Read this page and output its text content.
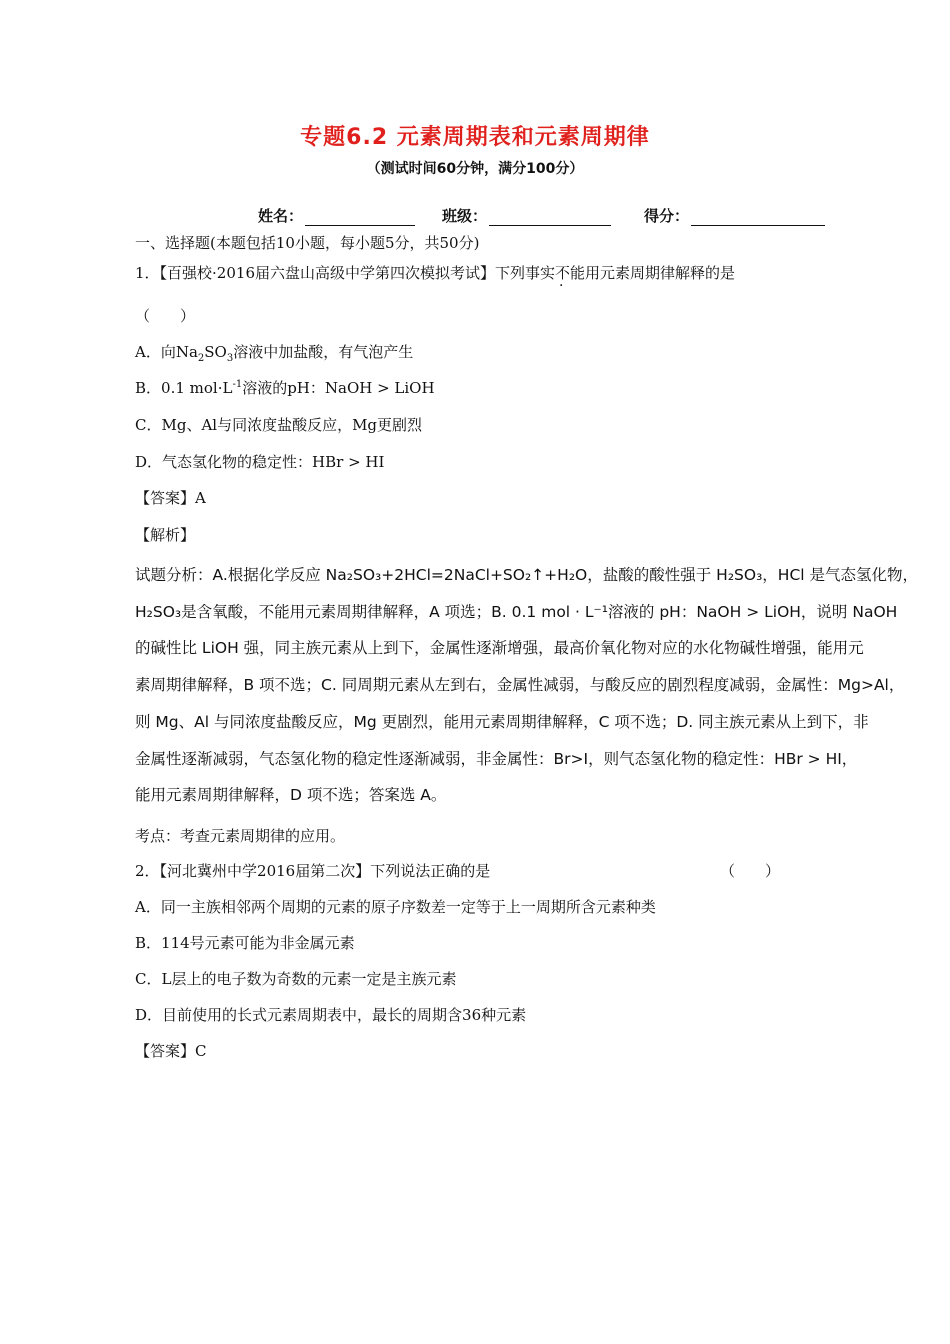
专题6.2 元素周期表和元素周期律
（测试时间60分钟，满分100分）
姓名：	班级：	得分：
一、选择题(本题包括10小题，每小题5分，共50分)
1．【百强校·2016届六盘山高级中学第四次模拟考试】下列事实不能用元素周期律解释的是
（　　）
A．向$Na_2SO_3$溶液中加盐酸，有气泡产生
B．0.1 $mol\cdot L^{-1}$溶液的pH：NaOH > LiOH
C．Mg、Al与同浓度盐酸反应，Mg更剧烈
D．气态氢化物的稳定性：HBr > HI
【答案】A
【解析】

试题分析：A.根据化学反应 Na₂SO₃+2HCl=2NaCl+SO₂↑+H₂O，盐酸的酸性强于 H₂SO₃，HCl 是气态氢化物，

H₂SO₃是含氧酸，不能用元素周期律解释，A 项选；B. 0.1 mol · L⁻¹溶液的 pH：NaOH > LiOH，说明 NaOH

的碱性比 LiOH 强，同主族元素从上到下，金属性逐渐增强，最高价氧化物对应的水化物碱性增强，能用元

素周期律解释，B 项不选；C. 同周期元素从左到右，金属性减弱，与酸反应的剧烈程度减弱，金属性：Mg>Al，

则 Mg、Al 与同浓度盐酸反应，Mg 更剧烈，能用元素周期律解释，C 项不选；D. 同主族元素从上到下，非

金属性逐渐减弱，气态氢化物的稳定性逐渐减弱，非金属性：Br>I，则气态氢化物的稳定性：HBr > HI，

能用元素周期律解释，D 项不选；答案选 A。

考点：考查元素周期律的应用。
2．【河北冀州中学2016届第二次】下列说法正确的是	（　　）
A．同一主族相邻两个周期的元素的原子序数差一定等于上一周期所含元素种类
B．114号元素可能为非金属元素
C．L层上的电子数为奇数的元素一定是主族元素
D．目前使用的长式元素周期表中，最长的周期含36种元素
【答案】C
